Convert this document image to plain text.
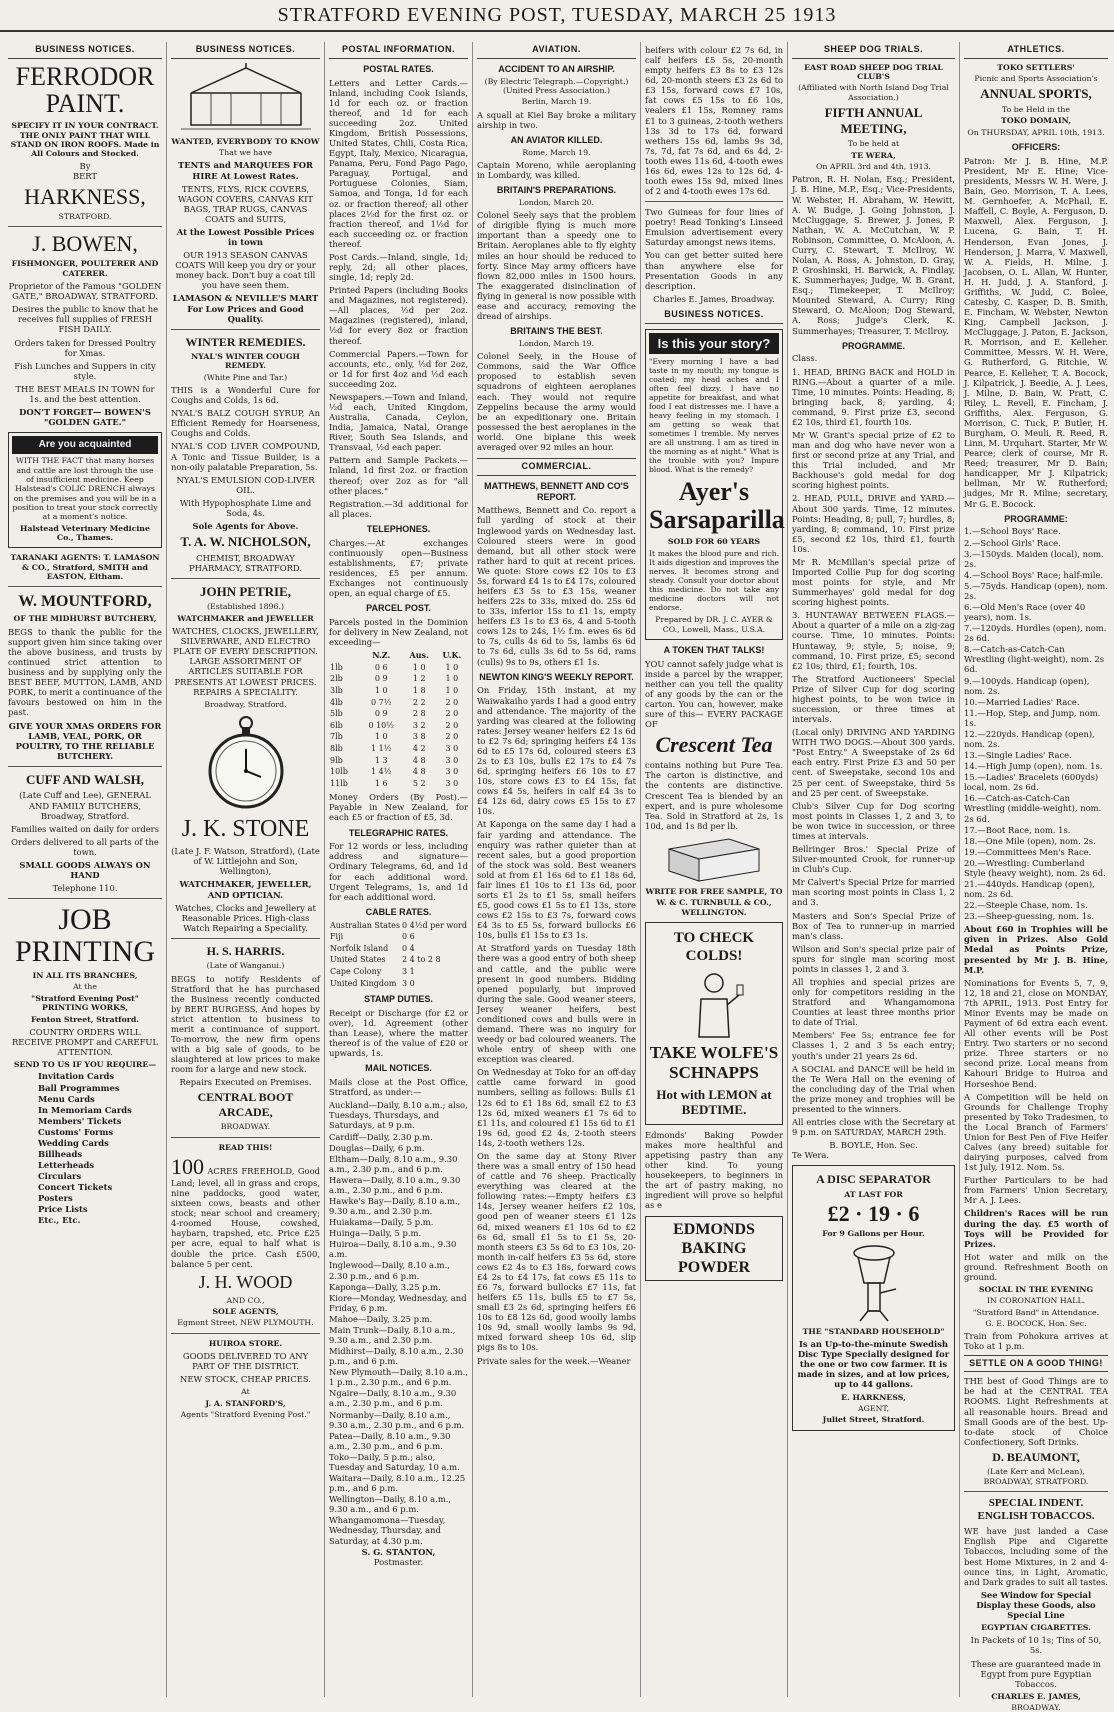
STRATFORD EVENING POST, TUESDAY, MARCH 25 1913
BUSINESS NOTICES.
FERRODOR PAINT.

SPECIFY IT IN YOUR CONTRACT. THE ONLY PAINT THAT WILL STAND ON IRON ROOFS. Made in All Colours and Stocked.

By
BERT
HARKNESS,
STRATFORD.
J. BOWEN,
FISHMONGER, POULTERER AND CATERER.

Proprietor of the Famous "GOLDEN GATE," BROADWAY, STRATFORD.

Desires the public to know that he receives full supplies of FRESH FISH DAILY.

Orders taken for Dressed Poultry for Xmas.

Fish Lunches and Suppers in city style.

THE BEST MEALS IN TOWN for 1s. and the best attention.

DON'T FORGET— BOWEN'S "GOLDEN GATE."

Are you acquainted

WITH THE FACT that many horses and cattle are lost through the use of insufficient medicine. Keep Halstead's COLIC DRENCH always on the premises and you will be in a position to treat your stock correctly at a moment's notice.

Halstead Veterinary Medicine Co., Thames.

TARANAKI AGENTS: T. LAMASON & CO., Stratford, SMITH and EASTON, Eltham.

W. MOUNTFORD,
OF THE MIDHURST BUTCHERY,

BEGS to thank the public for the support given him since taking over the above business, and trusts by continued strict attention to business and by supplying only the BEST BEEF, MUTTON, LAMB, AND PORK, to merit a continuance of the favours bestowed on him in the past.

GIVE YOUR XMAS ORDERS FOR LAMB, VEAL, PORK, OR POULTRY, TO THE RELIABLE BUTCHERY.

CUFF AND WALSH,

(Late Cuff and Lee), GENERAL AND FAMILY BUTCHERS, Broadway, Stratford.

Families waited on daily for orders

Orders delivered to all parts of the town.

SMALL GOODS ALWAYS ON HAND

Telephone 110.

JOB PRINTING
IN ALL ITS BRANCHES,
At the
"Stratford Evening Post" PRINTING WORKS,
Fenton Street, Stratford.

COUNTRY ORDERS WILL RECEIVE PROMPT and CAREFUL ATTENTION.

SEND TO US IF YOU REQUIRE—
Invitation Cards
Ball Programmes
Menu Cards
In Memoriam Cards
Members' Tickets
Customs' Forms
Wedding Cards
Billheads
Letterheads
Circulars
Concert Tickets
Posters
Price Lists
Etc., Etc.
BUSINESS NOTICES.
WANTED, EVERYBODY TO KNOW
That we have

TENTS and MARQUEES FOR HIRE At Lowest Rates.

TENTS, FLYS, RICK COVERS, WAGON COVERS, CANVAS KIT BAGS, TRAP RUGS, CANVAS COATS and SUITS,

At the Lowest Possible Prices in town

OUR 1913 SEASON CANVAS COATS Will keep you dry or your money back. Don't buy a coat till you have seen them.

LAMASON & NEVILLE'S MART For Low Prices and Good Quality.

WINTER REMEDIES.
NYAL'S WINTER COUGH REMEDY.
(White Pine and Tar.)

THIS is a Wonderful Cure for Coughs and Colds, 1s 6d.

NYAL'S BALZ COUGH SYRUP, An Efficient Remedy for Hoarseness, Coughs and Colds.

NYAL'S COD LIVER COMPOUND, A Tonic and Tissue Builder, is a non-oily palatable Preparation, 5s.

NYAL'S EMULSION COD-LIVER OIL.

With Hypophosphate Lime and Soda, 4s.

Sole Agents for Above.

T. A. W. NICHOLSON,

CHEMIST, BROADWAY PHARMACY, STRATFORD.

JOHN PETRIE,
(Established 1896.)
WATCHMAKER and JEWELLER

WATCHES, CLOCKS, JEWELLERY, SILVERWARE, AND ELECTRO PLATE OF EVERY DESCRIPTION. LARGE ASSORTMENT OF ARTICLES SUITABLE FOR PRESENTS AT LOWEST PRICES. REPAIRS A SPECIALITY.

Broadway, Stratford.
J. K. STONE

(Late J. F. Watson, Stratford), (Late of W. Littlejohn and Son, Wellington),

WATCHMAKER, JEWELLER, AND OPTICIAN.

Watches, Clocks and Jewellery at Reasonable Prices. High-class Watch Repairing a Speciality.

H. S. HARRIS.
(Late of Wanganui.)

BEGS to notify Residents of Stratford that he has purchased the Business recently conducted by BERT BURGESS, And hopes by strict attention to business to merit a continuance of support. To-morrow, the new firm opens with a big sale of goods, to be slaughtered at low prices to make room for a large and new stock.

Repairs Executed on Premises.

CENTRAL BOOT ARCADE,
BROADWAY.
READ THIS!

100 ACRES FREEHOLD, Good Land; level, all in grass and crops, nine paddocks, good water, sixteen cows, beasts and other stock; near school and creamery; 4-roomed House, cowshed, haybarn, trapshed, etc. Price £25 per acre, equal to half what is double the price. Cash £500, balance 5 per cent.

J. H. WOOD
AND CO.,
SOLE AGENTS,
Egmont Street, NEW PLYMOUTH.
HUIROA STORE.

GOODS DELIVERED TO ANY PART OF THE DISTRICT.

NEW STOCK, CHEAP PRICES.

At
J. A. STANFORD'S,
Agents "Stratford Evening Post."
POSTAL INFORMATION.
POSTAL RATES.

Letters and Letter Cards.—Inland, including Cook Islands, 1d for each oz. or fraction thereof, and 1d for each succeeding 2oz. United Kingdom, British Possessions, United States, Chili, Costa Rica, Egypt, Italy, Mexico, Nicaragua, Panama, Peru, Fond Pago Pago, Paraguay, Portugal, and Portuguese Colonies, Siam, Samoa, and Tonga, 1d for each oz. or fraction thereof; all other places 2½d for the first oz. or fraction thereof, and 1½d for each succeeding oz. or fraction thereof.

Post Cards.—Inland, single, 1d; reply, 2d; all other places, single, 1d; reply 2d.

Printed Papers (including Books and Magazines, not registered).—All places, ½d per 2oz. Magazines (registered), inland, ½d for every 8oz or fraction thereof.

Commercial Papers.—Town for accounts, etc., only, ½d for 2oz, or 1d for first 4oz and ½d each succeeding 2oz.

Newspapers.—Town and Inland, ½d each, United Kingdom, Australia, Canada, Ceylon, India, Jamaica, Natal, Orange River, South Sea Islands, and Transvaal, ½d each paper.

Pattern and Sample Packets.—Inland, 1d first 2oz. or fraction thereof; over 2oz as for "all other places."

Registration.—3d additional for all places.

TELEPHONES.

Charges.—At exchanges continuously open—Business establishments, £7; private residences, £5 per annum. Exchanges not continuously open, an equal charge of £5.

PARCEL POST.

Parcels posted in the Dominion for delivery in New Zealand, not exceeding—

	N.Z.	Aus.	U.K.
1lb	0 6	1 0	1 0
2lb	0 9	1 2	1 0
3lb	1 0	1 8	1 0
4lb	0 7½	2 2	2 0
5lb	0 9	2 8	2 0
6lb	0 10½	3 2	2 0
7lb	1 0	3 8	2 0
8lb	1 1½	4 2	3 0
9lb	1 3	4 8	3 0
10lb	1 4½	4 8	3 0
11lb	1 6	5 2	3 0

Money Orders (By Post).—Payable in New Zealand, for each £5 or fraction of £5, 3d.

TELEGRAPHIC RATES.

For 12 words or less, including address and signature—Ordinary Telegrams, 6d, and 1d for each additional word. Urgent Telegrams, 1s, and 1d for each additional word.

CABLE RATES.
Australian States	0 4½d per word
Fiji	0 6
Norfolk Island	0 4
United States	2 4 to 2 8
Cape Colony	3 1
United Kingdom	3 0
STAMP DUTIES.

Receipt or Discharge (for £2 or over), 1d. Agreement (other than Lease), where the matter thereof is of the value of £20 or upwards, 1s.

MAIL NOTICES.

Mails close at the Post Office, Stratford, as under:—

Auckland—Daily, 8.10 a.m.; also, Tuesdays, Thursdays, and Saturdays, at 9 p.m.
Cardiff—Daily, 2.30 p.m.
Douglas—Daily, 6 p.m.
Eltham—Daily, 8.10 a.m., 9.30 a.m., 2.30 p.m., and 6 p.m.
Hawera—Daily, 8.10 a.m., 9.30 a.m., 2.30 p.m., and 6 p.m.
Hawke's Bay—Daily, 8.10 a.m., 9.30 a.m., and 2.30 p.m.
Huiakama—Daily, 5 p.m.
Huinga—Daily, 5 p.m.
Huiroa—Daily, 8.10 a.m., 9.30 a.m.
Inglewood—Daily, 8.10 a.m., 2.30 p.m., and 6 p.m.
Kaponga—Daily, 3.25 p.m.
Kiore—Monday, Wednesday, and Friday, 6 p.m.
Mahoe—Daily, 3.25 p.m.
Main Trunk—Daily, 8.10 a.m., 9.30 a.m., and 2.30 p.m.
Midhirst—Daily, 8.10 a.m., 2.30 p.m., and 6 p.m.
New Plymouth—Daily, 8.10 a.m., 1 p.m., 2.30 p.m., and 6 p.m.
Ngaire—Daily, 8.10 a.m., 9.30 a.m., 2.30 p.m., and 6 p.m.
Normanby—Daily, 8.10 a.m., 9.30 a.m., 2.30 p.m., and 6 p.m.
Patea—Daily, 8.10 a.m., 9.30 a.m., 2.30 p.m., and 6 p.m.
Toko—Daily, 5 p.m.; also, Tuesday and Saturday, 10 a.m.
Waitara—Daily, 8.10 a.m., 12.25 p.m., and 6 p.m.
Wellington—Daily, 8.10 a.m., 9.30 a.m., and 6 p.m.
Whangamomona—Tuesday, Wednesday, Thursday, and Saturday, at 4.30 p.m.
S. G. STANTON,
Postmaster.
AVIATION.
ACCIDENT TO AN AIRSHIP.
(By Electric Telegraph.—Copyright.) (United Press Association.)
Berlin, March 19.

A squall at Kiel Bay broke a military airship in two.

AN AVIATOR KILLED.
Rome, March 19.

Captain Moreno, while aeroplaning in Lombardy, was killed.

BRITAIN'S PREPARATIONS.
London, March 20.

Colonel Seely says that the problem of dirigible flying is much more important than a speedy one to Britain. Aeroplanes able to fly eighty miles an hour should be reduced to forty. Since May army officers have flown 82,000 miles in 1500 hours. The exaggerated disinclination of flying in general is now possible with ease and accuracy, removing the dread of airships.

BRITAIN'S THE BEST.
London, March 19.

Colonel Seely, in the House of Commons, said the War Office proposed to establish seven squadrons of eighteen aeroplanes each. They would not require Zeppelins because the army would be an expeditionary one. Britain possessed the best aeroplanes in the world. One biplane this week averaged over 92 miles an hour.

COMMERCIAL.
MATTHEWS, BENNETT AND CO'S REPORT.

Matthews, Bennett and Co. report a full yarding of stock at their Inglewood yards on Wednesday last. Coloured steers were in good demand, but all other stock were rather hard to quit at recent prices. We quote: Store cows £2 10s to £3 5s, forward £4 1s to £4 17s, coloured heifers £3 5s to £3 15s, weaner heifers 22s to 33s, mixed do. 25s 6d to 33s, inferior 15s to £1 1s, empty heifers £3 1s to £3 6s, 4 and 5-tooth cows 12s to 24s, 1½ f.m. ewes 6s 6d to 7s, culls 4s 6d to 5s, lambs 6s 6d to 7s 6d, culls 3s 6d to 5s 6d, rams (culls) 9s to 9s, others £1 1s.

NEWTON KING'S WEEKLY REPORT.

On Friday, 15th instant, at my Waiwakaiho yards I had a good entry and attendance. The majority of the yarding was cleared at the following rates: Jersey weaner heifers £2 1s 6d to £2 7s 6d; springing heifers £4 13s 6d to £5 17s 6d, coloured steers £3 2s to £3 10s, bulls £2 17s to £4 7s 6d, springing heifers £6 10s to £7 10s, store cows £3 to £4 15s, fat cows £4 5s, heifers in calf £4 3s to £4 12s 6d, dairy cows £5 15s to £7 10s.

At Kaponga on the same day I had a fair yarding and attendance. The enquiry was rather quieter than at recent sales, but a good proportion of the stock was sold. Best weaners sold at from £1 16s 6d to £1 18s 6d, fair lines £1 10s to £1 13s 6d, poor sorts £1 2s to £1 5s, small heifers £5, good cows £1 5s to £1 13s, store cows £2 15s to £3 7s, forward cows £4 3s to £5 5s, forward bullocks £6 10s, bulls £1 15s to £3 1s.

At Stratford yards on Tuesday 18th there was a good entry of both sheep and cattle, and the public were present in good numbers. Bidding opened popularly, but improved during the sale. Good weaner steers, Jersey weaner heifers, best conditioned cows and bulls were in demand. There was no inquiry for weedy or bad coloured weaners. The whole entry of sheep with one exception was cleared.

On Wednesday at Toko for an off-day cattle came forward in good numbers, selling as follows: Bulls £1 12s 6d to £1 18s 6d, small £2 to £3 12s 6d, mixed weaners £1 7s 6d to £1 11s, and coloured £1 15s 6d to £1 19s 6d, good £2 4s, 2-tooth steers 14s, 2-tooth wethers 12s.

On the same day at Stony River there was a small entry of 150 head of cattle and 76 sheep. Practically everything was cleared at the following rates:—Empty heifers £3 14s, Jersey weaner heifers £2 10s, good pen of weaner steers £1 12s 6d, mixed weaners £1 10s 6d to £2 6s 6d, small £1 5s to £1 5s, 20-month steers £3 5s 6d to £3 10s, 20-month in-calf heifers £3 5s 6d, store cows £2 4s to £3 18s, forward cows £4 2s to £4 17s, fat cows £5 11s to £6 7s, forward bullocks £7 11s, fat heifers £5 11s, bulls £5 to £7 5s, small £3 2s 6d, springing heifers £6 10s to £8 12s 6d, good woolly lambs 10s 9d, small woolly lambs 9s 9d, mixed forward sheep 10s 6d, slip pigs 8s to 10s.

Private sales for the week.—Weaner

heifers with colour £2 7s 6d, in calf heifers £5 5s, 20-month empty heifers £3 8s to £3 12s 6d, 20-month steers £3 2s 6d to £3 15s, forward cows £7 10s, fat cows £5 15s to £6 10s, vealers £1 15s, Romney rams £1 to 3 guineas, 2-tooth wethers 13s 3d to 17s 6d, forward wethers 15s 6d, lambs 9s 3d, 7s, 7d, fat 7s 6d, and 6s 4d, 2-tooth ewes 11s 6d, 4-tooth ewes 16s 6d, ewes 12s to 12s 6d, 4-tooth ewes 15s 9d, mixed lines of 2 and 4-tooth ewes 17s 6d.

Two Guineas for four lines of poetry! Read Tonking's Linseed Emulsion advertisement every Saturday amongst news items.

You can get better suited here than anywhere else for Presentation Goods in any description.

Charles E. James, Broadway.

BUSINESS NOTICES.
Is this your story?

"Every morning I have a bad taste in my mouth; my tongue is coated; my head aches and I often feel dizzy. I have no appetite for breakfast, and what food I eat distresses me. I have a heavy feeling in my stomach. I am getting so weak that sometimes I tremble. My nerves are all unstrung. I am as tired in the morning as at night." What is the trouble with you? Impure blood. What is the remedy?

Ayer's Sarsaparilla
SOLD FOR 60 YEARS

It makes the blood pure and rich. It aids digestion and improves the nerves. It becomes strong and steady. Consult your doctor about this medicine. Do not take any medicine doctors will not endorse.

Prepared by DR. J. C. AYER & CO., Lowell, Mass., U.S.A.
A TOKEN THAT TALKS!

YOU cannot safely judge what is inside a parcel by the wrapper, neither can you tell the quality of any goods by the can or the carton. You can, however, make sure of this— EVERY PACKAGE OF

Crescent Tea

contains nothing but Pure Tea. The carton is distinctive, and the contents are distinctive. Crescent Tea is blended by an expert, and is pure wholesome Tea. Sold in Stratford at 2s, 1s 10d, and 1s 8d per lb.

WRITE FOR FREE SAMPLE, TO
W. & C. TURNBULL & CO., WELLINGTON.
TO CHECK COLDS!
TAKE WOLFE'S SCHNAPPS
Hot with LEMON at BEDTIME.

Edmonds' Baking Powder makes more healthful and appetising pastry than any other kind. To young housekeepers, to beginners in the art of pastry making, no ingredient will prove so helpful as e

EDMONDS BAKING POWDER
SHEEP DOG TRIALS.
EAST ROAD SHEEP DOG TRIAL CLUB'S
(Affiliated with North Island Dog Trial Association.)
FIFTH ANNUAL MEETING,
To be held at
TE WERA,
On APRIL 3rd and 4th, 1913.

Patron, R. H. Nolan, Esq.; President, J. B. Hine, M.P., Esq.; Vice-Presidents, W. Webster, H. Abraham, W. Hewitt, A. W. Budge, J. Going Johnston, J. McCluggage, S. Brewer, J. Jones, P. Nathan, W. A. McCutchan, W. P. Robinson, Committee, O. McAloon, A. Curry, C. Stewart, T. McIlroy, W. Nolan, A. Ross, A. Johnston, D. Gray, P. Groshinski, H. Barwick, A. Findlay, K. Summerhayes; Judge, W. B. Grant, Esq.; Timekeeper, T. McIlroy; Mounted Steward, A. Curry; Ring Steward, O. McAloon; Dog Steward, A. Ross; Judge's Clerk, K. Summerhayes; Treasurer, T. McIlroy.

PROGRAMME.
Class.

1. HEAD, BRING BACK and HOLD in RING.—About a quarter of a mile. Time, 10 minutes. Points: Heading, 8; bringing back, 8; yarding, 4; command, 9. First prize £3, second £2 10s, third £1, fourth 10s.

Mr W. Grant's special prize of £2 to man and dog who have never won a first or second prize at any Trial, and this Trial included, and Mr Backhouse's gold medal for dog scoring highest points.

2. HEAD, PULL, DRIVE and YARD.—About 300 yards. Time, 12 minutes. Points: Heading, 8; pull, 7; hurdles, 8; yarding, 8; command, 10. First prize £5, second £2 10s, third £1, fourth 10s.

Mr R. McMillan's special prize of Imported Collie Pup for dog scoring most points for style, and Mr Summerhayes' gold medal for dog scoring highest points.

3. HUNTAWAY BETWEEN FLAGS.—About a quarter of a mile on a zig-zag course. Time, 10 minutes. Points: Huntaway, 9; style, 5; noise, 9; command, 10. First prize, £5; second £2 10s; third, £1; fourth, 10s.

The Stratford Auctioneers' Special Prize of Silver Cup for dog scoring highest points, to be won twice in succession, or three times at intervals.

(Local only) DRIVING AND YARDING WITH TWO DOGS.—About 300 yards. "Post Entry." A Sweepstake of 2s 6d each entry. First Prize £3 and 50 per cent. of Sweepstake, second 10s and 25 per cent. of Sweepstake, third 5s and 25 per cent. of Sweepstake.

Club's Silver Cup for Dog scoring most points in Classes 1, 2 and 3, to be won twice in succession, or three times at intervals.

Bellringer Bros.' Special Prize of Silver-mounted Crook, for runner-up in Club's Cup.

Mr Calvert's Special Prize for married man scoring most points in Class 1, 2 and 3.

Masters and Son's Special Prize of Box of Tea to runner-up in married man's class.

Wilson and Son's special prize pair of spurs for single man scoring most points in classes 1, 2 and 3.

All trophies and special prizes are only for competitors residing in the Stratford and Whangamomona Counties at least three months prior to date of Trial.

Members' Fee 5s; entrance fee for Classes 1, 2 and 3 5s each entry; youth's under 21 years 2s 6d.

A SOCIAL and DANCE will be held in the Te Wera Hall on the evening of the concluding day of the Trial when the prize money and trophies will be presented to the winners.

All entries close with the Secretary at 9 p.m. on SATURDAY, MARCH 29th.

B. BOYLE, Hon. Sec.
Te Wera.
A DISC SEPARATOR
AT LAST FOR
£2 · 19 · 6
For 9 Gallons per Hour.
THE "STANDARD HOUSEHOLD"

Is an Up-to-the-minute Swedish Disc Type Specially designed for the one or two cow farmer. It is made in sizes, and at low prices, up to 44 gallons.

E. HARKNESS,
AGENT,
Juliet Street, Stratford.
ATHLETICS.
TOKO SETTLERS'
Picnic and Sports Association's
ANNUAL SPORTS,
To be Held in the
TOKO DOMAIN,
On THURSDAY, APRIL 10th, 1913.
OFFICERS:

Patron: Mr J. B. Hine, M.P. President, Mr E. Hine; Vice-presidents, Messrs W. H. Were, J. Bain, Geo. Morrison, T. A. Lees, M. Gernhoefer, A. McPhail, E. Maffell, C. Boyle, A. Ferguson, D. Maxwell, Alex. Ferguson, J. Lucena, G. Bain, T. H. Henderson, Evan Jones, J. Henderson, J. Marra, V. Maxwell, W. A. Fields, H. Milne, J. Jacobsen, O. L. Allan, W. Hunter, H. H. Judd, J. A. Stanford, J. Griffiths, W. Judd, C. Bolee, Catesby, C. Kasper, D. B. Smith, E. Fincham, W. Webster, Newton King, Campbell Jackson, J. McCluggage, J. Paton, E. Jackson, R. Morrison, and E. Kelleher. Committee, Messrs. W. H. Were, G. Rutherford, G. Ritchie, W. Pearce, E. Kelleher, T. A. Bocock, J. Kilpatrick, J. Beedie, A. J. Lees, J. Milne, D. Bain, W. Pratt, C. Riley, L. Revell, E. Fincham, J. Griffiths, Alex. Ferguson, G. Morrison, C. Tuck, P. Butler, H. Burgham, O. Meuli, R. Reed, R. Linn, M. Urquhart. Starter, Mr W. Pearce; clerk of course, Mr R. Reed; treasurer, Mr D. Bain; handicapper, Mr J. Kilpatrick; bellman, Mr W. Rutherford; judges, Mr R. Milne; secretary, Mr G. E. Bocock.

PROGRAMME:
1.—School Boys' Race.
2.—School Girls' Race.
3.—150yds. Maiden (local), nom. 2s.
4.—School Boys' Race; half-mile.
5.—75yds. Handicap (open), nom. 2s.
6.—Old Men's Race (over 40 years), nom. 1s.
7.—120yds. Hurdles (open), nom. 2s 6d.
8.—Catch-as-Catch-Can Wrestling (light-weight), nom. 2s 6d.
9.—100yds. Handicap (open), nom. 2s.
10.—Married Ladies' Race.
11.—Hop, Step, and Jump, nom. 1s.
12.—220yds. Handicap (open), nom. 2s.
13.—Single Ladies' Race.
14.—High Jump (open), nom. 1s.
15.—Ladies' Bracelets (600yds) local, nom. 2s 6d.
16.—Catch-as-Catch-Can Wrestling (middle-weight), nom. 2s 6d.
17.—Boot Race, nom. 1s.
18.—One Mile (open), nom. 2s.
19.—Committees Men's Race.
20.—Wrestling: Cumberland Style (heavy weight), nom. 2s 6d.
21.—440yds. Handicap (open), nom. 2s 6d.
22.—Steeple Chase, nom. 1s.
23.—Sheep-guessing, nom. 1s.

About £60 in Trophies will be given in Prizes. Also Gold Medal as Points Prize, presented by Mr J. B. Hine, M.P.

Nominations for Events 5, 7, 9, 12, 18 and 21, close on MONDAY, 7th APRIL, 1913. Post Entry for Minor Events may be made on Payment of 6d extra each event. All other events will be Post Entry. Two starters or no second prize. Three starters or no second prize. Local means from Kahouri Bridge to Huiroa and Horseshoe Bend.

A Competition will be held on Grounds for Challenge Trophy presented by Toko Tradesmen, to the Local Branch of Farmers' Union for Best Pen of Five Heifer Calves (any breed) suitable for dairying purposes, calved from 1st July, 1912. Nom. 5s.

Further Particulars to be had from Farmers' Union Secretary, Mr A. J. Lees.

Children's Races will be run during the day. £5 worth of Toys will be Provided for Prizes.

Hot water and milk on the ground. Refreshment Booth on ground.

SOCIAL IN THE EVENING
IN CORONATION HALL.
"Stratford Band" in Attendance.
G. E. BOCOCK, Hon. Sec.

Train from Pohokura arrives at Toko at 1 p.m.

SETTLE ON A GOOD THING!

THE best of Good Things are to be had at the CENTRAL TEA ROOMS. Light Refreshments at all reasonable hours. Bread and Small Goods are of the best. Up-to-date stock of Choice Confectionery, Soft Drinks.

D. BEAUMONT,
(Late Kerr and McLean), BROADWAY, STRATFORD.
SPECIAL INDENT. ENGLISH TOBACCOS.

WE have just landed a Case English Pipe and Cigarette Tobaccos, including some of the best Home Mixtures, in 2 and 4-ounce tins, in Light, Aromatic, and Dark grades to suit all tastes.

See Window for Special Display these Goods, also Special Line

EGYPTIAN CIGARETTES.

In Packets of 10 1s; Tins of 50, 5s.

These are guaranteed made in Egypt from pure Egyptian Tobaccos.

CHARLES E. JAMES,
BROADWAY.
